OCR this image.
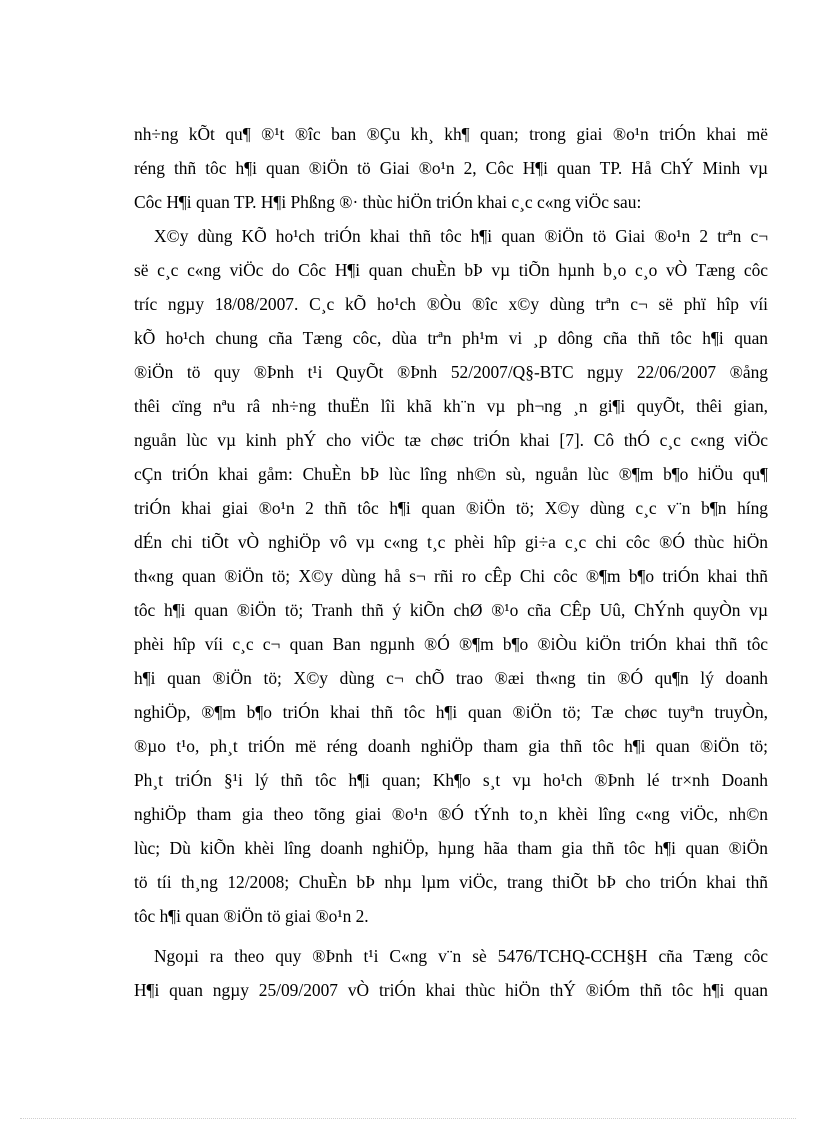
nh÷ng kÕt qu¶ ®¹t ®îc ban ®Çu kh¸ kh¶ quan; trong giai ®o¹n triÓn khai më
réng thñ tôc h¶i quan ®iÖn tö Giai ®o¹n 2, Côc H¶i quan TP. Hå ChÝ Minh vµ
Côc H¶i quan TP. H¶i Phßng ®· thùc hiÖn triÓn khai c¸c c«ng viÖc sau:

X©y dùng KÕ ho¹ch triÓn khai thñ tôc h¶i quan ®iÖn tö Giai ®o¹n 2 trªn c¬
së c¸c c«ng viÖc do Côc H¶i quan chuÈn bÞ vµ tiÕn hµnh b¸o c¸o vÒ Tæng côc
tríc ngµy 18/08/2007. C¸c kÕ ho¹ch ®Òu ®îc x©y dùng trªn c¬ së phï hîp víi
kÕ ho¹ch chung cña Tæng côc, dùa trªn ph¹m vi ¸p dông cña thñ tôc h¶i quan
®iÖn tö quy ®Þnh t¹i QuyÕt ®Þnh 52/2007/Q§-BTC ngµy 22/06/2007 ®ång
thêi cïng nªu râ nh÷ng thuËn lîi khã kh¨n vµ ph¬ng ¸n gi¶i quyÕt, thêi gian,
nguån lùc vµ kinh phÝ cho viÖc tæ chøc triÓn khai [7]. Cô thÓ c¸c c«ng viÖc
cÇn triÓn khai gåm: ChuÈn bÞ lùc lîng nh©n sù, nguån lùc ®¶m b¶o hiÖu qu¶
triÓn khai giai ®o¹n 2 thñ tôc h¶i quan ®iÖn tö; X©y dùng c¸c v¨n b¶n híng
dÉn chi tiÕt vÒ nghiÖp vô vµ c«ng t¸c phèi hîp gi÷a c¸c chi côc ®Ó thùc hiÖn
th«ng quan ®iÖn tö; X©y dùng hå s¬ rñi ro cÊp Chi côc ®¶m b¶o triÓn khai thñ
tôc h¶i quan ®iÖn tö; Tranh thñ ý kiÕn chØ ®¹o cña CÊp Uû, ChÝnh quyÒn vµ
phèi hîp víi c¸c c¬ quan Ban ngµnh ®Ó ®¶m b¶o ®iÒu kiÖn triÓn khai thñ tôc
h¶i quan ®iÖn tö; X©y dùng c¬ chÕ trao ®æi th«ng tin ®Ó qu¶n lý doanh
nghiÖp, ®¶m b¶o triÓn khai thñ tôc h¶i quan ®iÖn tö; Tæ chøc tuyªn truyÒn,
®µo t¹o, ph¸t triÓn më réng doanh nghiÖp tham gia thñ tôc h¶i quan ®iÖn tö;
Ph¸t triÓn §¹i lý thñ tôc h¶i quan; Kh¶o s¸t vµ ho¹ch ®Þnh lé tr×nh Doanh
nghiÖp tham gia theo tõng giai ®o¹n ®Ó tÝnh to¸n khèi lîng c«ng viÖc, nh©n
lùc; Dù kiÕn khèi lîng doanh nghiÖp, hµng hãa tham gia thñ tôc h¶i quan ®iÖn
tö tíi th¸ng 12/2008; ChuÈn bÞ nhµ lµm viÖc, trang thiÕt bÞ cho triÓn khai thñ
tôc h¶i quan ®iÖn tö giai ®o¹n 2.

Ngoµi ra theo quy ®Þnh t¹i C«ng v¨n sè 5476/TCHQ-CCH§H cña Tæng côc
H¶i quan ngµy 25/09/2007 vÒ triÓn khai thùc hiÖn thÝ ®iÓm thñ tôc h¶i quan
